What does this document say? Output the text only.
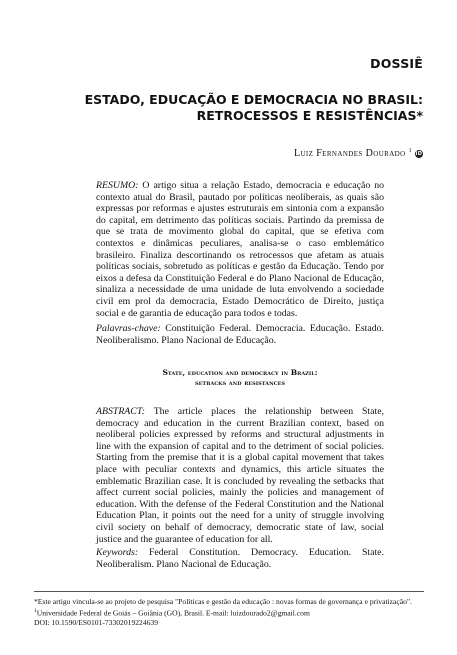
DOSSIÊ
ESTADO, EDUCAÇÃO E DEMOCRACIA NO BRASIL:
RETROCESSOS E RESISTÊNCIAS*
Luiz Fernandes Dourado $^1$ iD

RESUMO: O artigo situa a relação Estado, democracia e educação no contexto atual do Brasil, pautado por políticas neoliberais, as quais são expressas por reformas e ajustes estruturais em sintonia com a expansão do capital, em detrimento das políticas sociais. Partindo da premissa de que se trata de movimento global do capital, que se efetiva com contextos e dinâmicas peculiares, analisa-se o caso emblemático brasileiro. Finaliza descortinando os retrocessos que afetam as atuais políticas sociais, sobretudo as políticas e gestão da Educação. Tendo por eixos a defesa da Constituição Federal e do Plano Nacional de Educação, sinaliza a necessidade de uma unidade de luta envolvendo a sociedade civil em prol da democracia, Estado Democrático de Direito, justiça social e de garantia de educação para todos e todas.

Palavras-chave: Constituição Federal. Democracia. Educação. Estado. Neoliberalismo. Plano Nacional de Educação.

State, education and democracy in Brazil:
setbacks and resistances

ABSTRACT: The article places the relationship between State, democracy and education in the current Brazilian context, based on neoliberal policies expressed by reforms and structural adjustments in line with the expansion of capital and to the detriment of social policies. Starting from the premise that it is a global capital movement that takes place with peculiar contexts and dynamics, this article situates the emblematic Brazilian case. It is concluded by revealing the setbacks that affect current social policies, mainly the policies and management of education. With the defense of the Federal Constitution and the National Education Plan, it points out the need for a unity of struggle involving civil society on behalf of democracy, democratic state of law, social justice and the guarantee of education for all.

Keywords: Federal Constitution. Democracy. Education. State. Neoliberalism. Plano Nacional de Educação.

*Este artigo vincula-se ao projeto de pesquisa "Políticas e gestão da educação : novas formas de governança e privatização".
$^1$Universidade Federal de Goiás – Goiânia (GO), Brasil. E-mail: luizdourado2@gmail.com
DOI: 10.1590/ES0101-73302019224639
